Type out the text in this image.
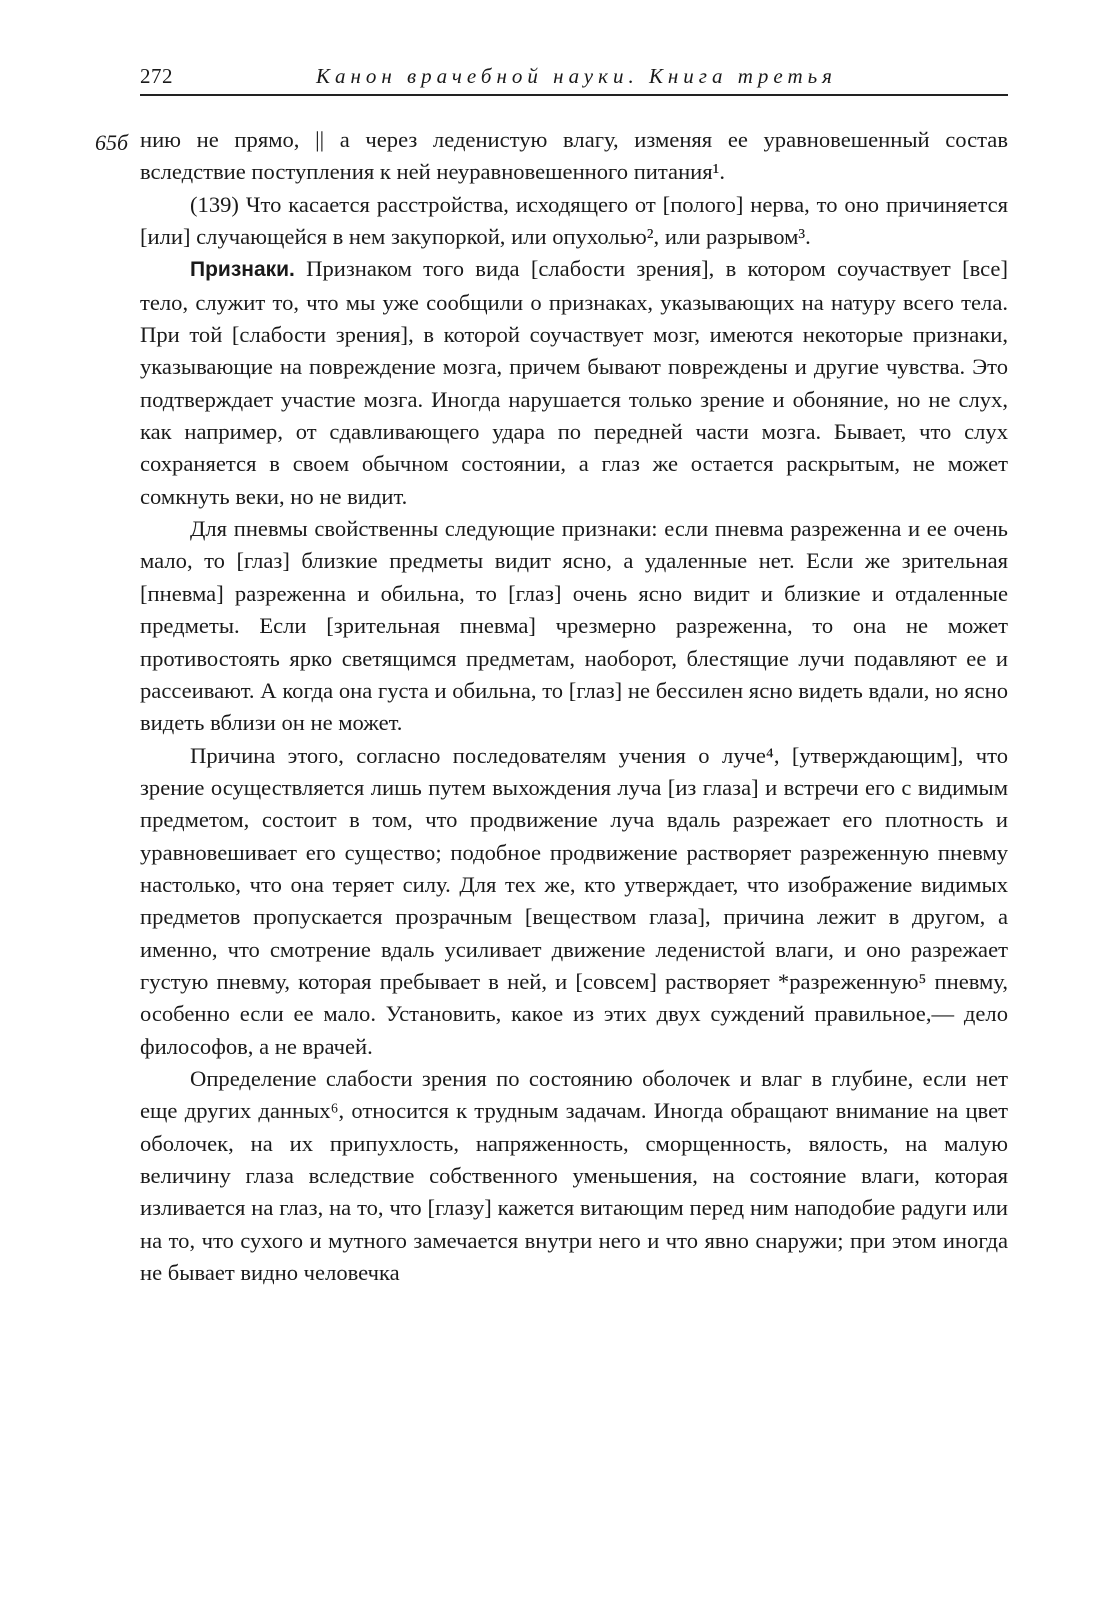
272	Канон врачебной науки. Книга третья
65б нию не прямо, || а через леденистую влагу, изменяя ее уравновешенный состав вследствие поступления к ней неуравновешенного питания¹.

(139) Что касается расстройства, исходящего от [полого] нерва, то оно причиняется [или] случающейся в нем закупоркой, или опухолью², или разрывом³.

Признаки. Признаком того вида [слабости зрения], в котором соучаствует [все] тело, служит то, что мы уже сообщили о признаках, указывающих на натуру всего тела. При той [слабости зрения], в которой соучаствует мозг, имеются некоторые признаки, указывающие на повреждение мозга, причем бывают повреждены и другие чувства. Это подтверждает участие мозга. Иногда нарушается только зрение и обоняние, но не слух, как например, от сдавливающего удара по передней части мозга. Бывает, что слух сохраняется в своем обычном состоянии, а глаз же остается раскрытым, не может сомкнуть веки, но не видит.

Для пневмы свойственны следующие признаки: если пневма разреженна и ее очень мало, то [глаз] близкие предметы видит ясно, а удаленные нет. Если же зрительная [пневма] разреженна и обильна, то [глаз] очень ясно видит и близкие и отдаленные предметы. Если [зрительная пневма] чрезмерно разреженна, то она не может противостоять ярко светящимся предметам, наоборот, блестящие лучи подавляют ее и рассеивают. А когда она густа и обильна, то [глаз] не бессилен ясно видеть вдали, но ясно видеть вблизи он не может.

Причина этого, согласно последователям учения о луче⁴, [утверждающим], что зрение осуществляется лишь путем выхождения луча [из глаза] и встречи его с видимым предметом, состоит в том, что продвижение луча вдаль разрежает его плотность и уравновешивает его существо; подобное продвижение растворяет разреженную пневму настолько, что она теряет силу. Для тех же, кто утверждает, что изображение видимых предметов пропускается прозрачным [веществом глаза], причина лежит в другом, а именно, что смотрение вдаль усиливает движение леденистой влаги, и оно разрежает густую пневму, которая пребывает в ней, и [совсем] растворяет *разреженную⁵ пневму, особенно если ее мало. Установить, какое из этих двух суждений правильное,— дело философов, а не врачей.

Определение слабости зрения по состоянию оболочек и влаг в глубине, если нет еще других данных⁶, относится к трудным задачам. Иногда обращают внимание на цвет оболочек, на их припухлость, напряженность, сморщенность, вялость, на малую величину глаза вследствие собственного уменьшения, на состояние влаги, которая изливается на глаз, на то, что [глазу] кажется витающим перед ним наподобие радуги или на то, что сухого и мутного замечается внутри него и что явно снаружи; при этом иногда не бывает видно человечка
